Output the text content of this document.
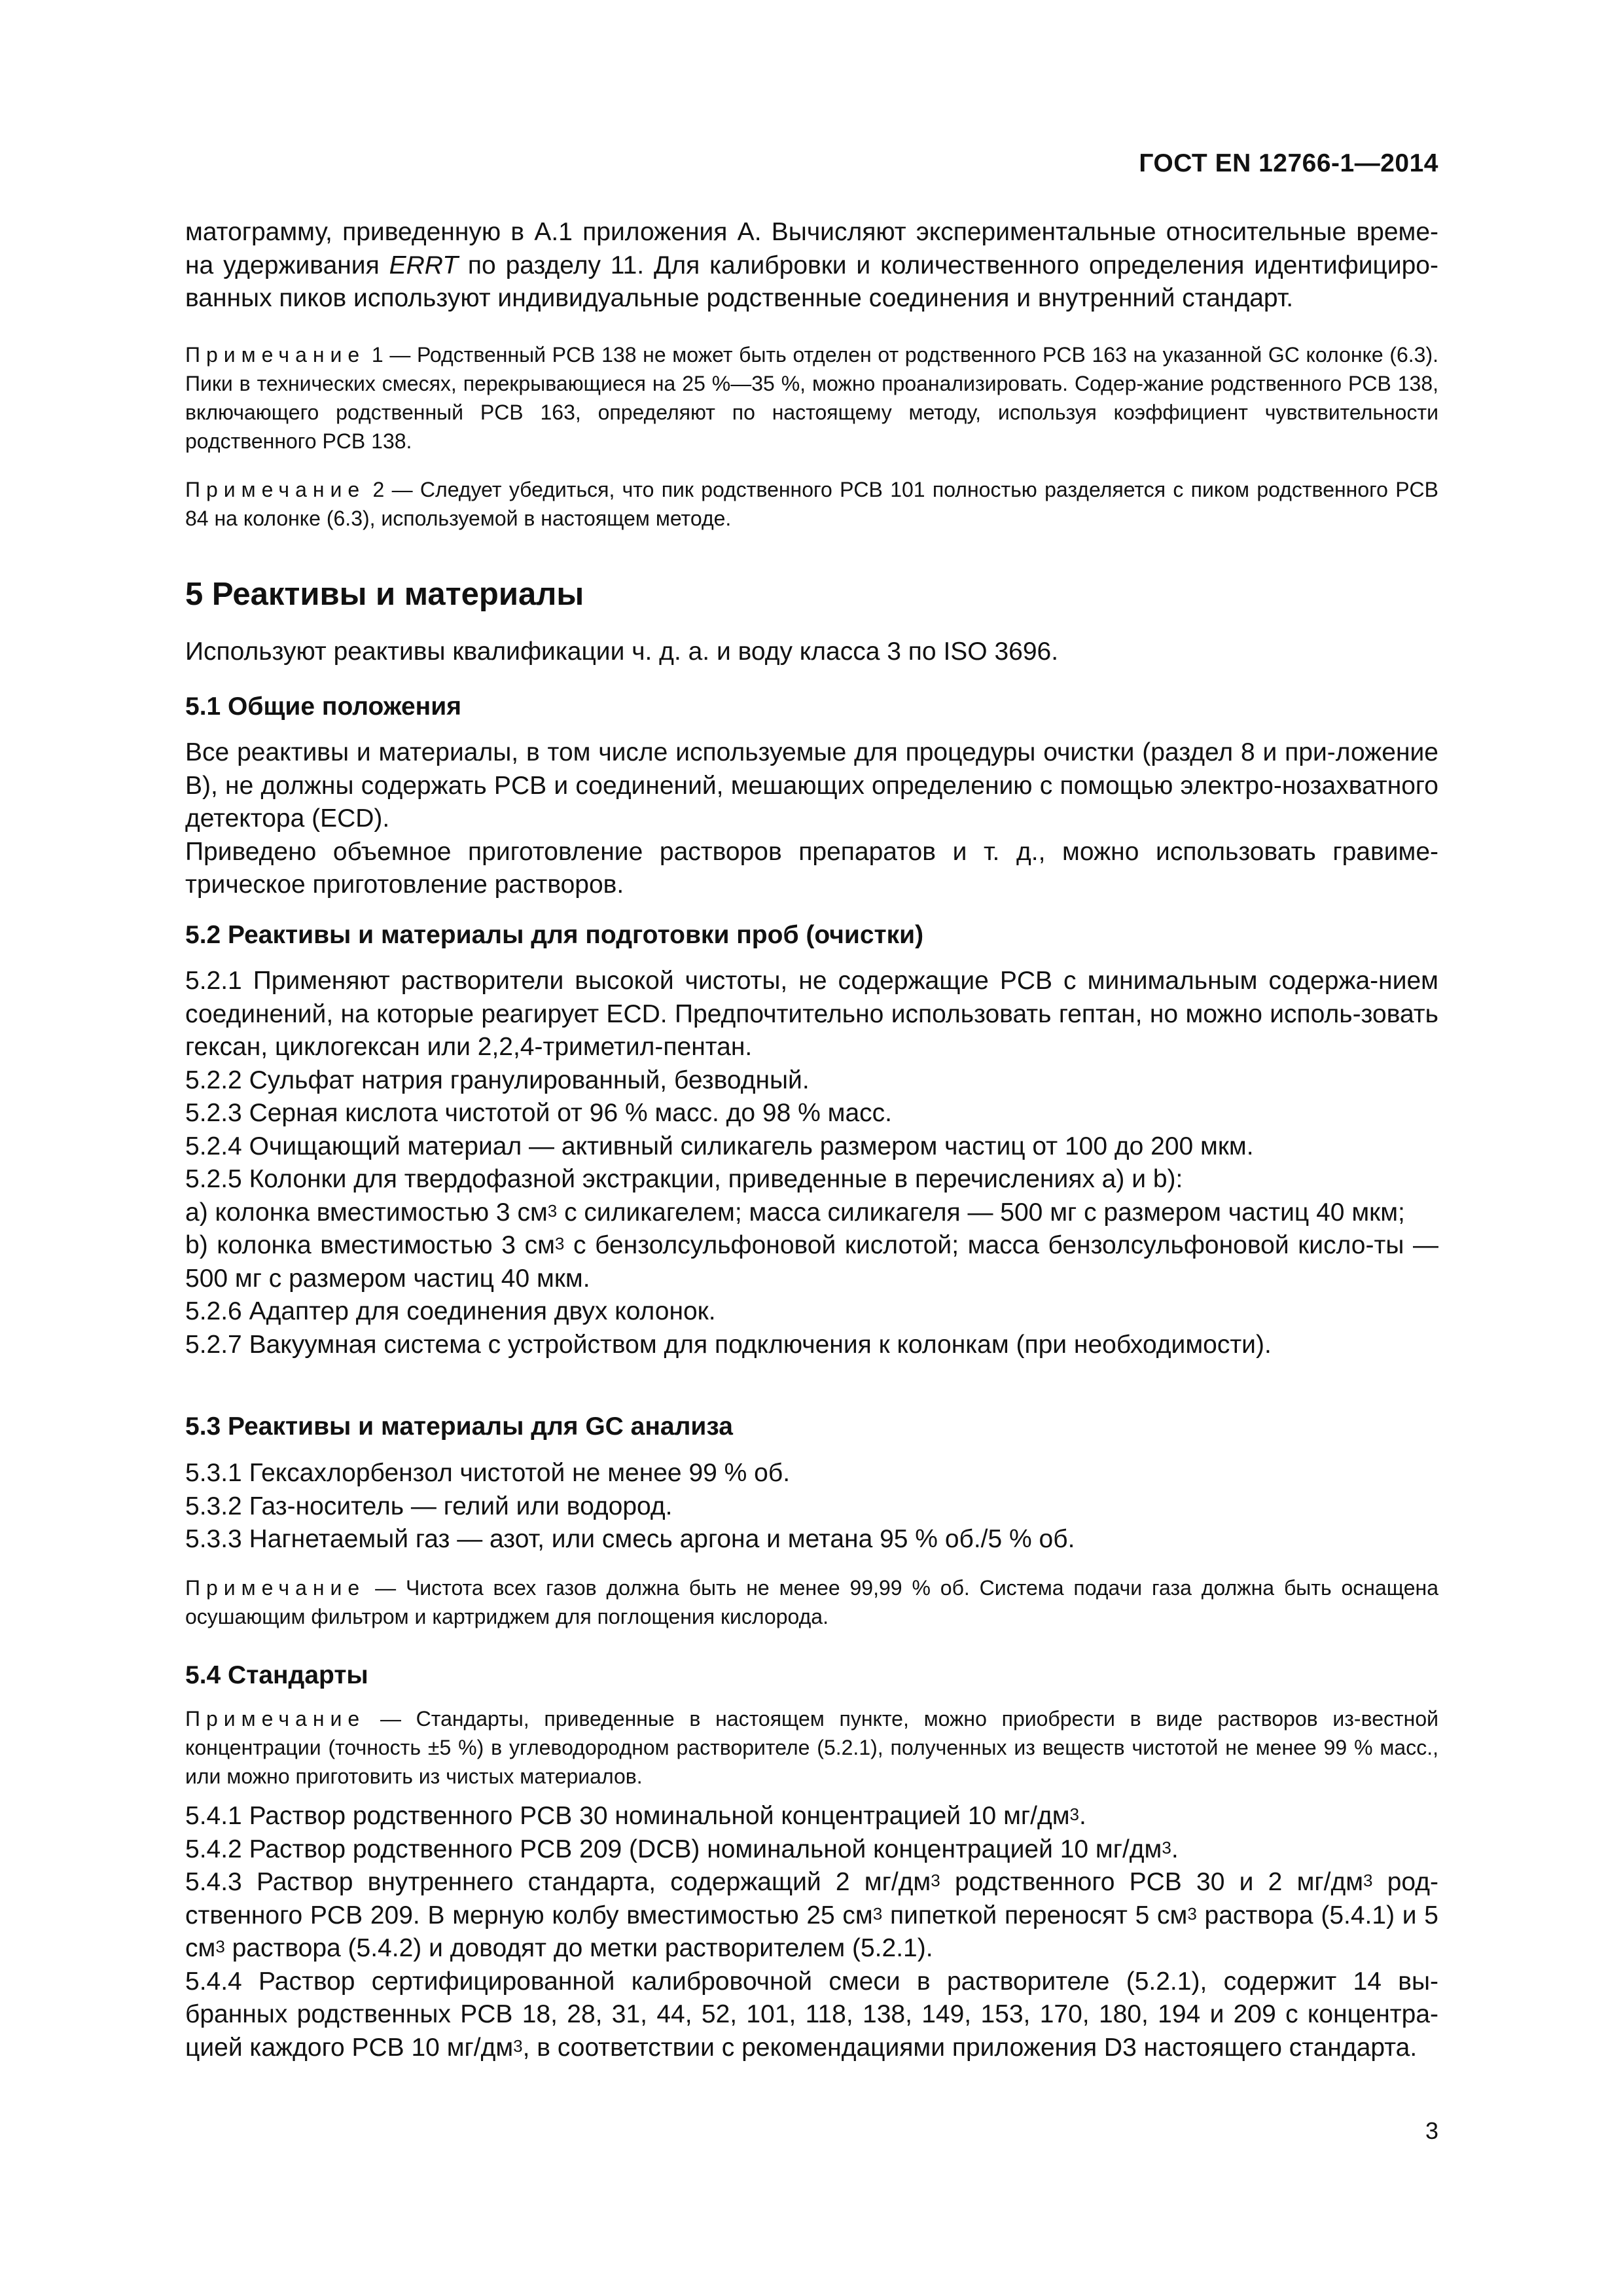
ГОСТ EN 12766-1—2014

матограмму, приведенную в А.1 приложения А. Вычисляют экспериментальные относительные време-на удерживания ERRT по разделу 11. Для калибровки и количественного определения идентифициро-ванных пиков используют индивидуальные родственные соединения и внутренний стандарт.

Примечание 1 — Родственный PCB 138 не может быть отделен от родственного PCB 163 на указанной GC колонке (6.3). Пики в технических смесях, перекрывающиеся на 25 %—35 %, можно проанализировать. Содер-жание родственного PCB 138, включающего родственный PCB 163, определяют по настоящему методу, используя коэффициент чувствительности родственного PCB 138.

Примечание 2 — Следует убедиться, что пик родственного PCB 101 полностью разделяется с пиком родственного PCB 84 на колонке (6.3), используемой в настоящем методе.

5 Реактивы и материалы

Используют реактивы квалификации ч. д. а. и воду класса 3 по ISO 3696.

5.1 Общие положения

Все реактивы и материалы, в том числе используемые для процедуры очистки (раздел 8 и при-ложение В), не должны содержать PCB и соединений, мешающих определению с помощью электро-нозахватного детектора (ECD).

Приведено объемное приготовление растворов препаратов и т. д., можно использовать гравиме-трическое приготовление растворов.

5.2 Реактивы и материалы для подготовки проб (очистки)

5.2.1 Применяют растворители высокой чистоты, не содержащие PCB с минимальным содержа-нием соединений, на которые реагирует ECD. Предпочтительно использовать гептан, но можно исполь-зовать гексан, циклогексан или 2,2,4-триметил-пентан.

5.2.2 Сульфат натрия гранулированный, безводный.

5.2.3 Серная кислота чистотой от 96 % масс. до 98 % масс.

5.2.4 Очищающий материал — активный силикагель размером частиц от 100 до 200 мкм.

5.2.5 Колонки для твердофазной экстракции, приведенные в перечислениях а) и b):

а) колонка вместимостью 3 $см^3$ с силикагелем; масса силикагеля — 500 мг с размером частиц 40 мкм;

b) колонка вместимостью 3 $см^3$ с бензолсульфоновой кислотой; масса бензолсульфоновой кисло-ты — 500 мг с размером частиц 40 мкм.

5.2.6 Адаптер для соединения двух колонок.

5.2.7 Вакуумная система с устройством для подключения к колонкам (при необходимости).

5.3 Реактивы и материалы для GC анализа

5.3.1 Гексахлорбензол чистотой не менее 99 % об.

5.3.2 Газ-носитель — гелий или водород.

5.3.3 Нагнетаемый газ — азот, или смесь аргона и метана 95 % об./5 % об.

Примечание — Чистота всех газов должна быть не менее 99,99 % об. Система подачи газа должна быть оснащена осушающим фильтром и картриджем для поглощения кислорода.

5.4 Стандарты

Примечание — Стандарты, приведенные в настоящем пункте, можно приобрести в виде растворов из-вестной концентрации (точность ±5 %) в углеводородном растворителе (5.2.1), полученных из веществ чистотой не менее 99 % масс., или можно приготовить из чистых материалов.

5.4.1 Раствор родственного PCB 30 номинальной концентрацией 10 $мг/дм^3$.

5.4.2 Раствор родственного PCB 209 (DCB) номинальной концентрацией 10 $мг/дм^3$.

5.4.3 Раствор внутреннего стандарта, содержащий 2 $мг/дм^3$ родственного PCB 30 и 2 $мг/дм^3$ род-ственного PCB 209. В мерную колбу вместимостью 25 $см^3$ пипеткой переносят 5 $см^3$ раствора (5.4.1) и 5 $см^3$ раствора (5.4.2) и доводят до метки растворителем (5.2.1).

5.4.4 Раствор сертифицированной калибровочной смеси в растворителе (5.2.1), содержит 14 вы-бранных родственных PCB 18, 28, 31, 44, 52, 101, 118, 138, 149, 153, 170, 180, 194 и 209 с концентра-цией каждого PCB 10 $мг/дм^3$, в соответствии с рекомендациями приложения D3 настоящего стандарта.

3
